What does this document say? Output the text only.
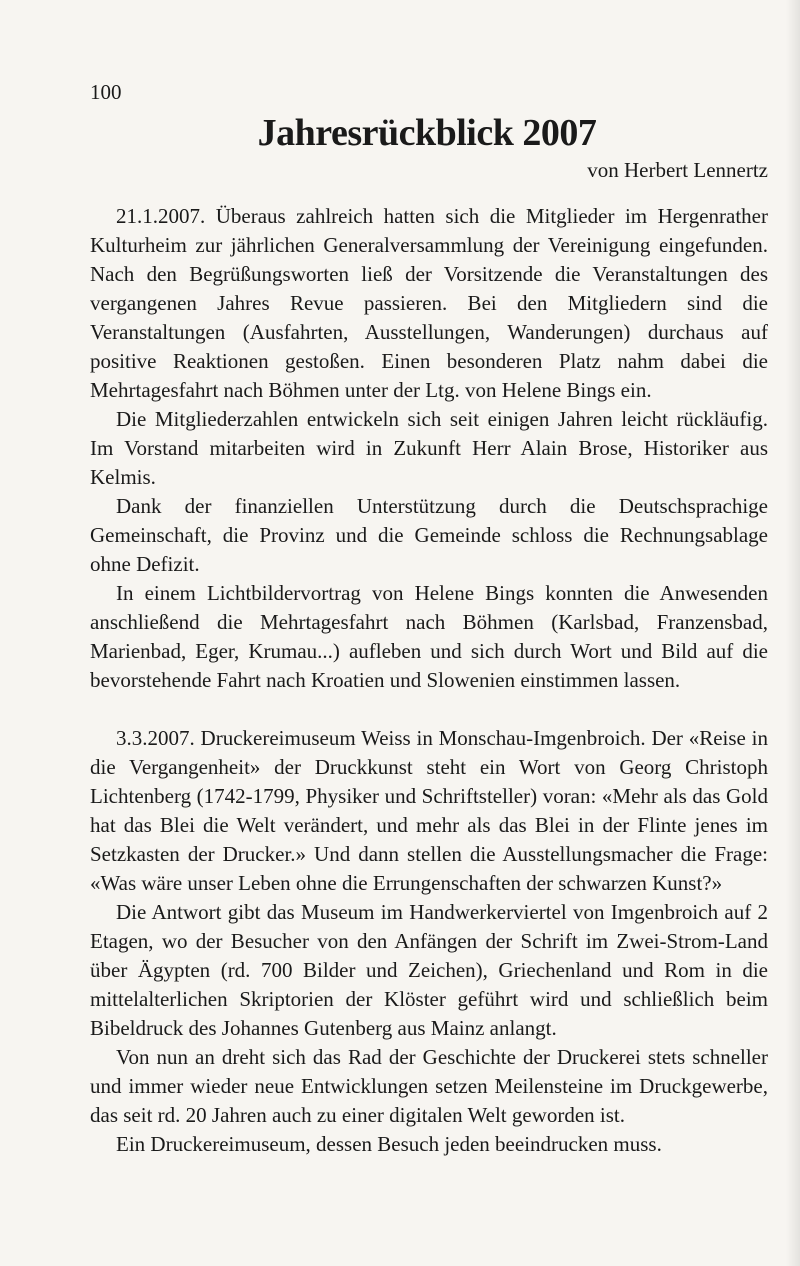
100
Jahresrückblick 2007
von Herbert Lennertz

21.1.2007. Überaus zahlreich hatten sich die Mitglieder im Hergenrather Kulturheim zur jährlichen Generalversammlung der Vereinigung eingefunden. Nach den Begrüßungsworten ließ der Vorsitzende die Veranstaltungen des vergangenen Jahres Revue passieren. Bei den Mitgliedern sind die Veranstaltungen (Ausfahrten, Ausstellungen, Wanderungen) durchaus auf positive Reaktionen gestoßen. Einen besonderen Platz nahm dabei die Mehrtagesfahrt nach Böhmen unter der Ltg. von Helene Bings ein.

Die Mitgliederzahlen entwickeln sich seit einigen Jahren leicht rückläufig. Im Vorstand mitarbeiten wird in Zukunft Herr Alain Brose, Historiker aus Kelmis.

Dank der finanziellen Unterstützung durch die Deutschsprachige Gemeinschaft, die Provinz und die Gemeinde schloss die Rechnungsablage ohne Defizit.

In einem Lichtbildervortrag von Helene Bings konnten die Anwesenden anschließend die Mehrtagesfahrt nach Böhmen (Karlsbad, Franzensbad, Marienbad, Eger, Krumau...) aufleben und sich durch Wort und Bild auf die bevorstehende Fahrt nach Kroatien und Slowenien einstimmen lassen.

3.3.2007. Druckereimuseum Weiss in Monschau-Imgenbroich. Der «Reise in die Vergangenheit» der Druckkunst steht ein Wort von Georg Christoph Lichtenberg (1742-1799, Physiker und Schriftsteller) voran: «Mehr als das Gold hat das Blei die Welt verändert, und mehr als das Blei in der Flinte jenes im Setzkasten der Drucker.» Und dann stellen die Ausstellungsmacher die Frage: «Was wäre unser Leben ohne die Errungenschaften der schwarzen Kunst?»

Die Antwort gibt das Museum im Handwerkerviertel von Imgenbroich auf 2 Etagen, wo der Besucher von den Anfängen der Schrift im Zwei-Strom-Land über Ägypten (rd. 700 Bilder und Zeichen), Griechenland und Rom in die mittelalterlichen Skriptorien der Klöster geführt wird und schließlich beim Bibeldruck des Johannes Gutenberg aus Mainz anlangt.

Von nun an dreht sich das Rad der Geschichte der Druckerei stets schneller und immer wieder neue Entwicklungen setzen Meilensteine im Druckgewerbe, das seit rd. 20 Jahren auch zu einer digitalen Welt geworden ist.

Ein Druckereimuseum, dessen Besuch jeden beeindrucken muss.
